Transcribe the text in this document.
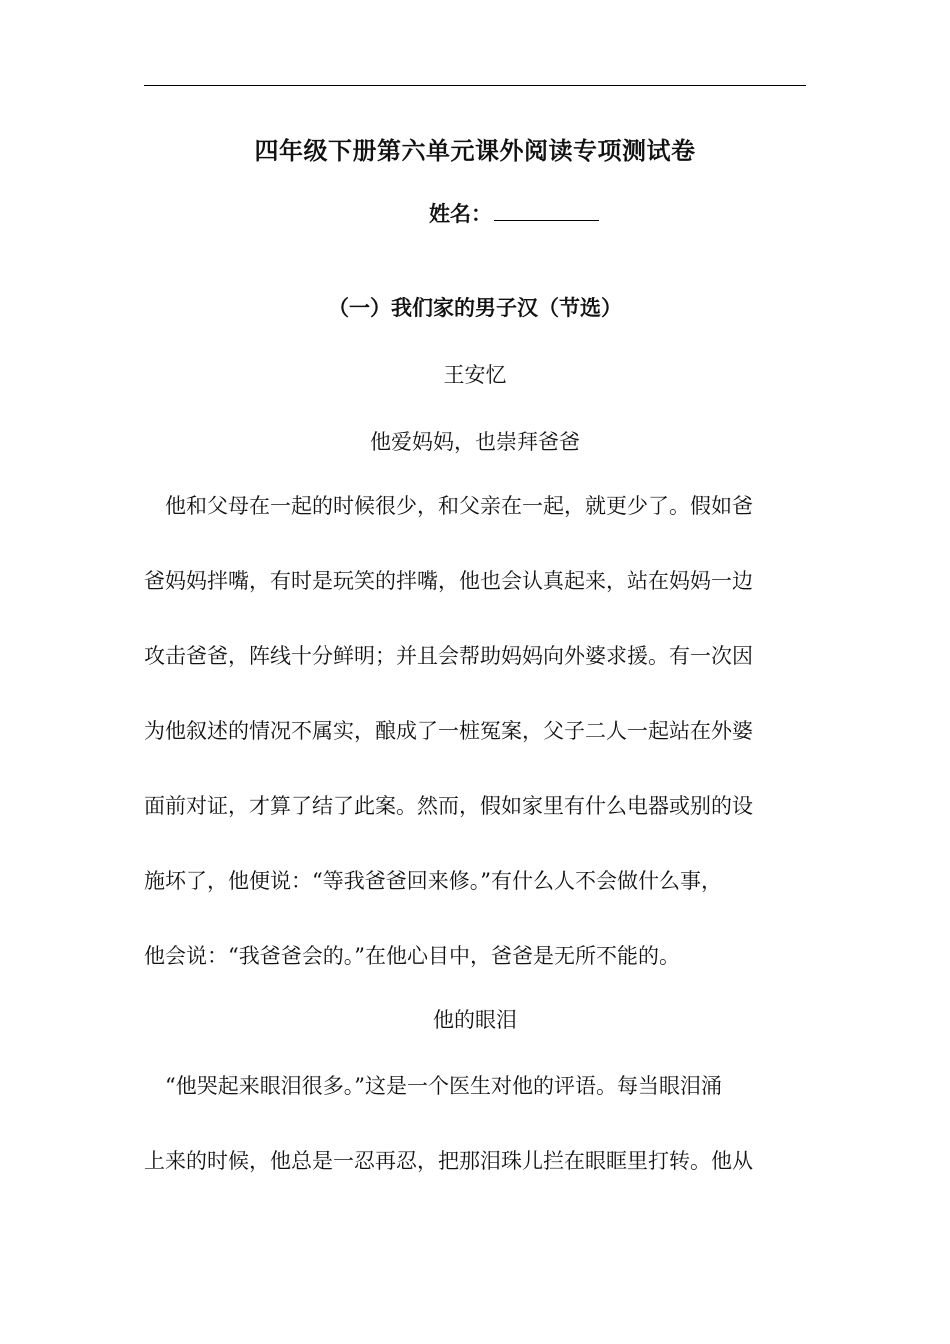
四年级下册第六单元课外阅读专项测试卷
姓名：
（一）我们家的男子汉（节选）
王安忆
他爱妈妈，也崇拜爸爸
　他和父母在一起的时候很少，和父亲在一起，就更少了。假如爸
爸妈妈拌嘴，有时是玩笑的拌嘴，他也会认真起来，站在妈妈一边
攻击爸爸，阵线十分鲜明；并且会帮助妈妈向外婆求援。有一次因
为他叙述的情况不属实，酿成了一桩冤案，父子二人一起站在外婆
面前对证，才算了结了此案。然而，假如家里有什么电器或别的设
施坏了，他便说：“等我爸爸回来修。”有什么人不会做什么事，
他会说：“我爸爸会的。”在他心目中，爸爸是无所不能的。
他的眼泪
　“他哭起来眼泪很多。”这是一个医生对他的评语。每当眼泪涌
上来的时候，他总是一忍再忍，把那泪珠儿拦在眼眶里打转。他从
